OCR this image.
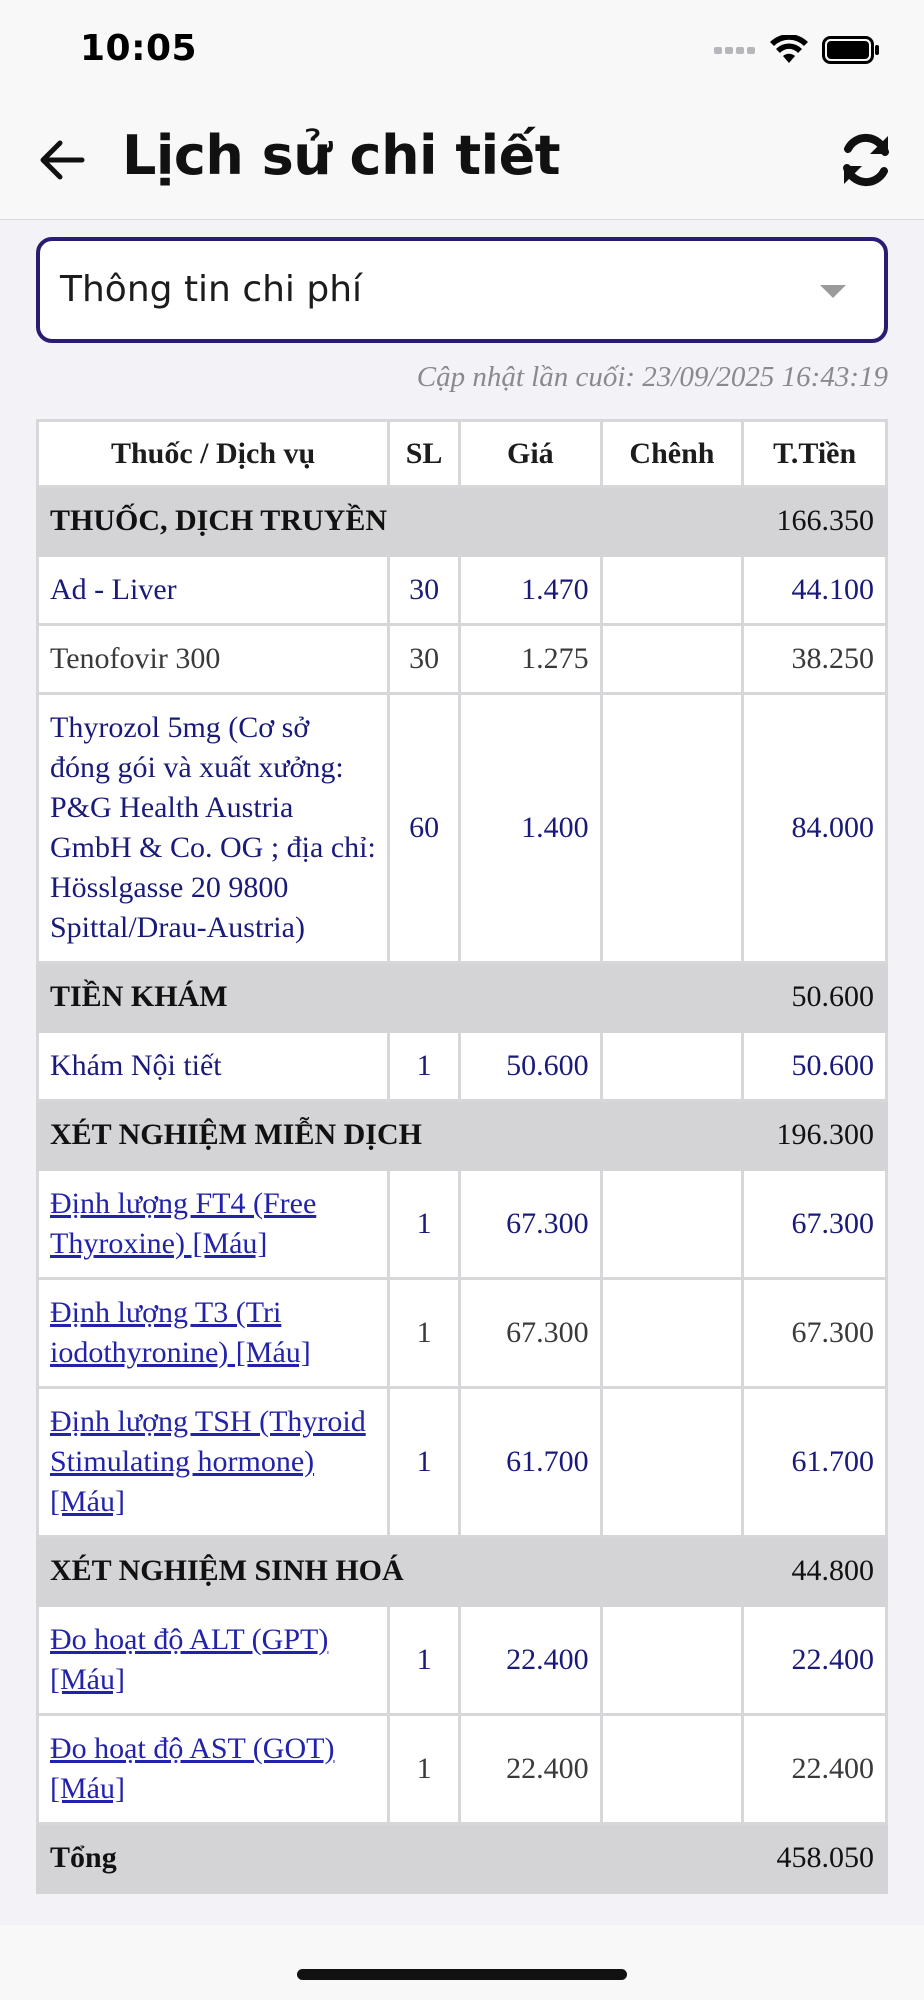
10:05
Lịch sử chi tiết
Thông tin chi phí
Cập nhật lần cuối: 23/09/2025 16:43:19
Thuốc / Dịch vụ	SL	Giá	Chênh	T.Tiền
THUỐC, DỊCH TRUYỀN				166.350
Ad - Liver	30	1.470		44.100
Tenofovir 300	30	1.275		38.250
Thyrozol 5mg (Cơ sở đóng gói và xuất xưởng: P&G Health Austria GmbH & Co. OG ; địa chỉ: Hösslgasse 20 9800 Spittal/Drau-Austria)	60	1.400		84.000
TIỀN KHÁM				50.600
Khám Nội tiết	1	50.600		50.600
XÉT NGHIỆM MIỄN DỊCH				196.300
Định lượng FT4 (Free Thyroxine) [Máu]	1	67.300		67.300
Định lượng T3 (Tri iodothyronine) [Máu]	1	67.300		67.300
Định lượng TSH (Thyroid Stimulating hormone) [Máu]	1	61.700		61.700
XÉT NGHIỆM SINH HOÁ				44.800
Đo hoạt độ ALT (GPT) [Máu]	1	22.400		22.400
Đo hoạt độ AST (GOT) [Máu]	1	22.400		22.400
Tổng				458.050
